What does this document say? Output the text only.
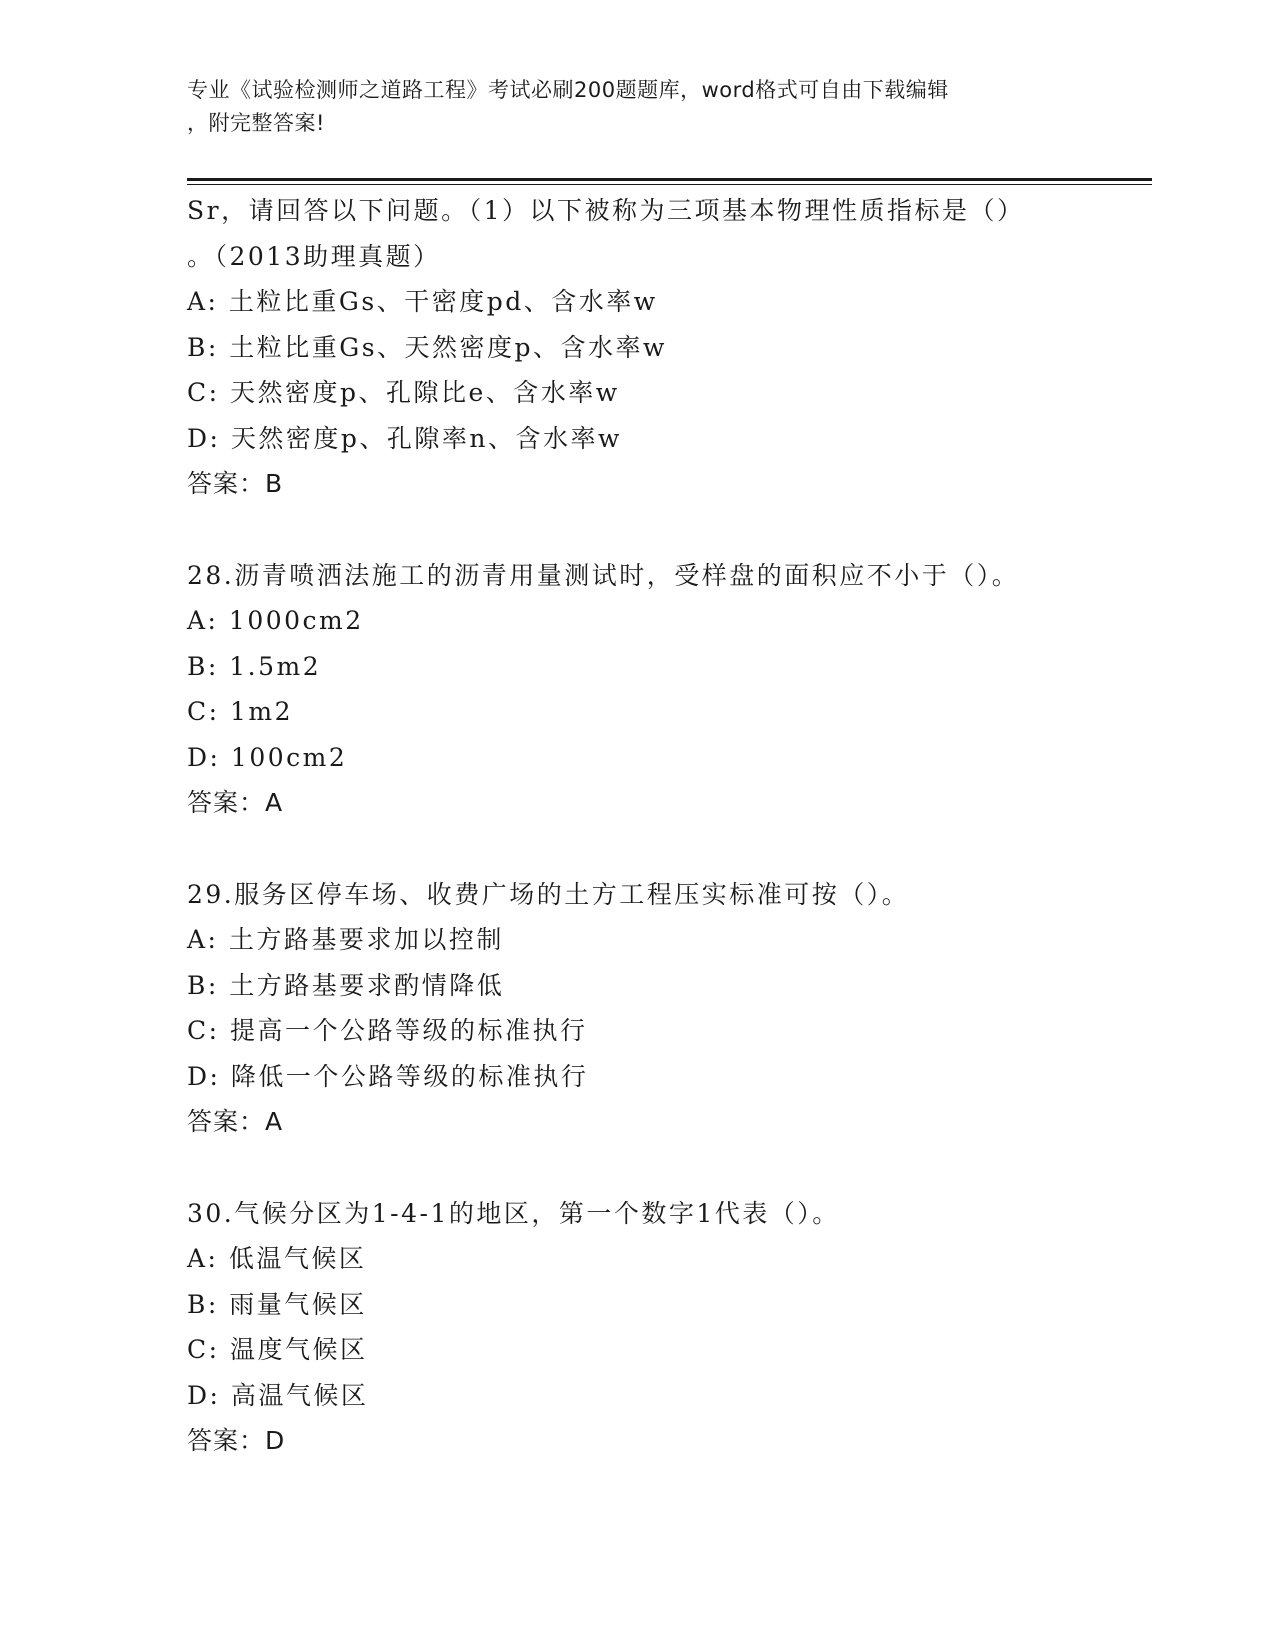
专业《试验检测师之道路工程》考试必刷200题题库，word格式可自由下载编辑
，附完整答案!
Sr，请回答以下问题。（1）以下被称为三项基本物理性质指标是（）
。（2013助理真题）
A: 土粒比重Gs、干密度pd、含水率w
B: 土粒比重Gs、天然密度p、含水率w
C: 天然密度p、孔隙比e、含水率w
D: 天然密度p、孔隙率n、含水率w
答案：B
28.沥青喷洒法施工的沥青用量测试时，受样盘的面积应不小于（）。
A: 1000cm2
B: 1.5m2
C: 1m2
D: 100cm2
答案：A
29.服务区停车场、收费广场的土方工程压实标准可按（）。
A: 土方路基要求加以控制
B: 土方路基要求酌情降低
C: 提高一个公路等级的标准执行
D: 降低一个公路等级的标准执行
答案：A
30.气候分区为1-4-1的地区，第一个数字1代表（）。
A: 低温气候区
B: 雨量气候区
C: 温度气候区
D: 高温气候区
答案：D
